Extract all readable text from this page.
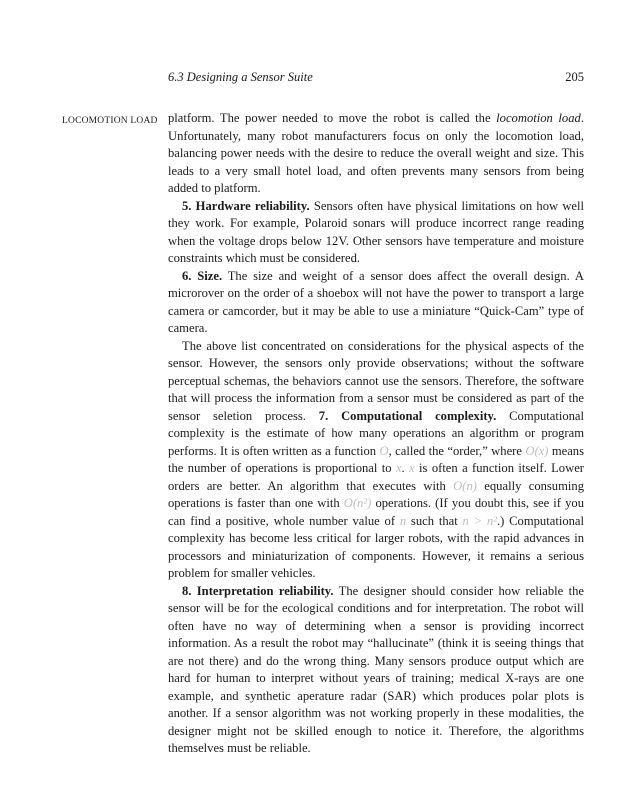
6.3 Designing a Sensor Suite	205
LOCOMOTION LOAD platform. The power needed to move the robot is called the locomotion load. Unfortunately, many robot manufacturers focus on only the locomotion load, balancing power needs with the desire to reduce the overall weight and size. This leads to a very small hotel load, and often prevents many sensors from being added to platform.

5. Hardware reliability. Sensors often have physical limitations on how well they work. For example, Polaroid sonars will produce incorrect range reading when the voltage drops below 12V. Other sensors have temperature and moisture constraints which must be considered.

6. Size. The size and weight of a sensor does affect the overall design. A microrover on the order of a shoebox will not have the power to transport a large camera or camcorder, but it may be able to use a miniature “Quick-Cam” type of camera.

The above list concentrated on considerations for the physical aspects of the sensor. However, the sensors only provide observations; without the software perceptual schemas, the behaviors cannot use the sensors. Therefore, the software that will process the information from a sensor must be considered as part of the sensor seletion process. 7. Computational complexity. Computational complexity is the estimate of how many operations an algorithm or program performs. It is often written as a function O, called the “order,” where O(x) means the number of operations is proportional to x. x is often a function itself. Lower orders are better. An algorithm that executes with O(n) equally consuming operations is faster than one with O(n²) operations. (If you doubt this, see if you can find a positive, whole number value of n such that n > n².) Computational complexity has become less critical for larger robots, with the rapid advances in processors and miniaturization of components. However, it remains a serious problem for smaller vehicles.

8. Interpretation reliability. The designer should consider how reliable the sensor will be for the ecological conditions and for interpretation. The robot will often have no way of determining when a sensor is providing incorrect information. As a result the robot may “hallucinate” (think it is seeing things that are not there) and do the wrong thing. Many sensors produce output which are hard for human to interpret without years of training; medical X-rays are one example, and synthetic aperature radar (SAR) which produces polar plots is another. If a sensor algorithm was not working properly in these modalities, the designer might not be skilled enough to notice it. Therefore, the algorithms themselves must be reliable.
